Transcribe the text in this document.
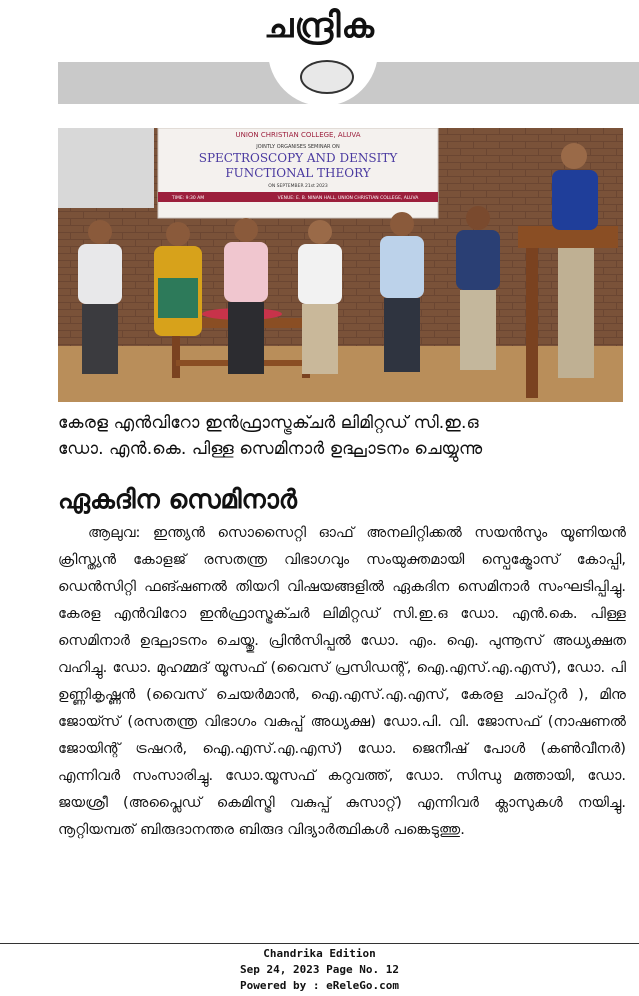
ചന്ദ്രിക
UNION CHRISTIAN COLLEGE, ALUVA
JOINTLY ORGANISES SEMINAR ON
SPECTROSCOPY AND DENSITY
FUNCTIONAL THEORY
ON SEPTEMBER 21st 2023
TIME: 9:30 AM	VENUE: E. B. NINAN HALL, UNION CHRISTIAN COLLEGE, ALUVA
കേരള എൻവിറോ ഇൻഫ്രാസ്ട്രക്ചർ ലിമിറ്റഡ് സി.ഇ.ഒ
ഡോ. എൻ.കെ. പിള്ള സെമിനാർ ഉദ്ഘാടനം ചെയ്യുന്നു
ഏകദിന സെമിനാർ
ആലുവ: ഇന്ത്യൻ സൊസൈറ്റി ഓഫ് അനലിറ്റിക്കൽ സയൻസും യൂണിയൻ ക്രിസ്ത്യൻ കോളജ് രസതന്ത്ര വിഭാഗവും സംയുക്തമായി സ്പെക്ട്രോസ് കോപ്പി, ഡെൻസിറ്റി ഫങ്ഷണൽ തിയറി വിഷയങ്ങളിൽ ഏകദിന സെമിനാർ സംഘടിപ്പിച്ചു. കേരള എൻവിറോ ഇൻഫ്രാസ്ട്രക്ചർ ലിമിറ്റഡ് സി.ഇ.ഒ ഡോ. എൻ.കെ. പിള്ള സെമിനാർ ഉദ്ഘാടനം ചെയ്തു. പ്രിൻസിപ്പൽ ഡോ. എം. ഐ. പുന്നൂസ് അധ്യക്ഷത വഹിച്ചു. ഡോ. മുഹമ്മദ് യൂസഫ് (വൈസ് പ്രസിഡന്റ്, ഐ.എസ്.എ.എസ്), ഡോ. പി ഉണ്ണികൃഷ്ണൻ (വൈസ് ചെയർമാൻ, ഐ.എസ്.എ.എസ്, കേരള ചാപ്റ്റർ ), മിനു ജോയ്സ് (രസതന്ത്ര വിഭാഗം വകുപ്പ് അധ്യക്ഷ) ഡോ.പി. വി. ജോസഫ് (നാഷണൽ ജോയിന്റ് ട്രഷറർ, ഐ.എസ്.എ.എസ്) ഡോ. ജെനീഷ് പോൾ (കൺവീനർ) എന്നിവർ സംസാരിച്ചു. ഡോ.യൂസഫ് കറുവത്ത്, ഡോ. സിന്ധു മത്തായി, ഡോ. ജയശ്രീ (അപ്ലൈഡ് കെമിസ്ട്രി വകുപ്പ് കുസാറ്റ്) എന്നിവർ ക്ലാസുകൾ നയിച്ചു. നൂറ്റിയമ്പത് ബിരുദാനന്തര ബിരുദ വിദ്യാർത്ഥികൾ പങ്കെടുത്തു.
Chandrika Edition
Sep 24, 2023 Page No. 12
Powered by : eReleGo.com
